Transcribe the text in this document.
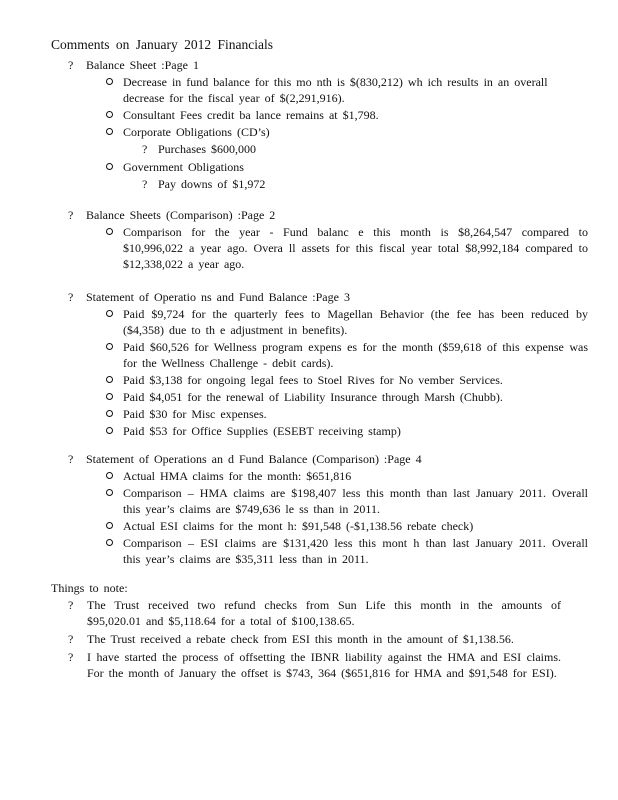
Comments on January 2012 Financials
? Balance Sheet :Page 1
Decrease in fund balance for this mo nth is $(830,212) wh ich results in an overall decrease for the fiscal year of $(2,291,916).
Consultant Fees credit ba lance remains at $1,798.
Corporate Obligations (CD’s)
? Purchases $600,000
Government Obligations
? Pay downs of $1,972
? Balance Sheets (Comparison) :Page 2
Comparison for the year - Fund balanc e this month is $8,264,547 compared to $10,996,022 a year ago. Overa ll assets for this fiscal year total $8,992,184 compared to $12,338,022 a year ago.
? Statement of Operatio ns and Fund Balance :Page 3
Paid $9,724 for the quarterly fees to Magellan Behavior (the fee has been reduced by ($4,358) due to th e adjustment in benefits).
Paid $60,526 for Wellness program expens es for the month ($59,618 of this expense was for the Wellness Challenge - debit cards).
Paid $3,138 for ongoing legal fees to Stoel Rives for No vember Services.
Paid $4,051 for the renewal of Liability Insurance through Marsh (Chubb).
Paid $30 for Misc expenses.
Paid $53 for Office Supplies (ESEBT receiving stamp)
? Statement of Operations an d Fund Balance (Comparison) :Page 4
Actual HMA claims for the month: $651,816
Comparison – HMA claims are $198,407 less this month than last January 2011. Overall this year’s claims are $749,636 le ss than in 2011.
Actual ESI claims for the mont h: $91,548 (-$1,138.56 rebate check)
Comparison – ESI claims are $131,420 less this mont h than last January 2011. Overall this year’s claims are $35,311 less than in 2011.
Things to note:
? The Trust received two refund checks from Sun Life this month in the amounts of $95,020.01 and $5,118.64 for a total of $100,138.65.
? The Trust received a rebate check from ESI this month in the amount of $1,138.56.
? I have started the process of offsetting the IBNR liability against the HMA and ESI claims. For the month of January the offset is $743, 364 ($651,816 for HMA and $91,548 for ESI).
